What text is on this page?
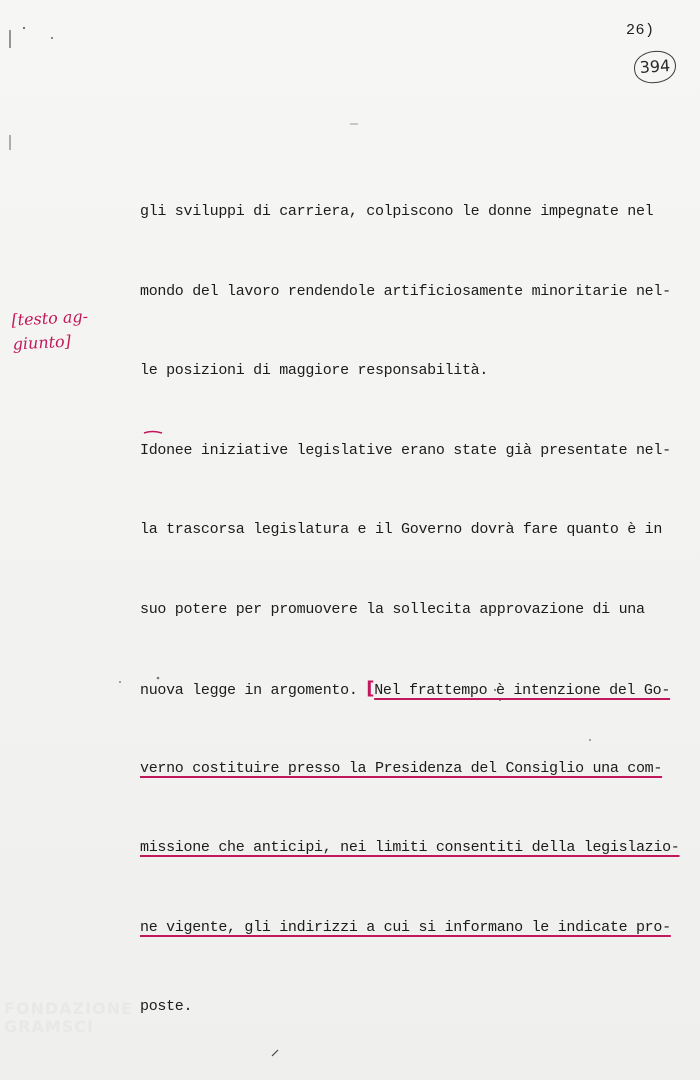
26)
394
[testo ag-
giunto]

gli sviluppi di carriera, colpiscono le donne impegnate nel

mondo del lavoro rendendole artificiosamente minoritarie nel-

le posizioni di maggiore responsabilità.

Idonee iniziative legislative erano state già presentate nel-

la trascorsa legislatura e il Governo dovrà fare quanto è in

suo potere per promuovere la sollecita approvazione di una

nuova legge in argomento. [Nel frattempo è intenzione del Go-

verno costituire presso la Presidenza del Consiglio una com-

missione che anticipi, nei limiti consentiti della legislazio-

ne vigente, gli indirizzi a cui si informano le indicate pro-

poste.

FONDAZIONE
GRAMSCI
